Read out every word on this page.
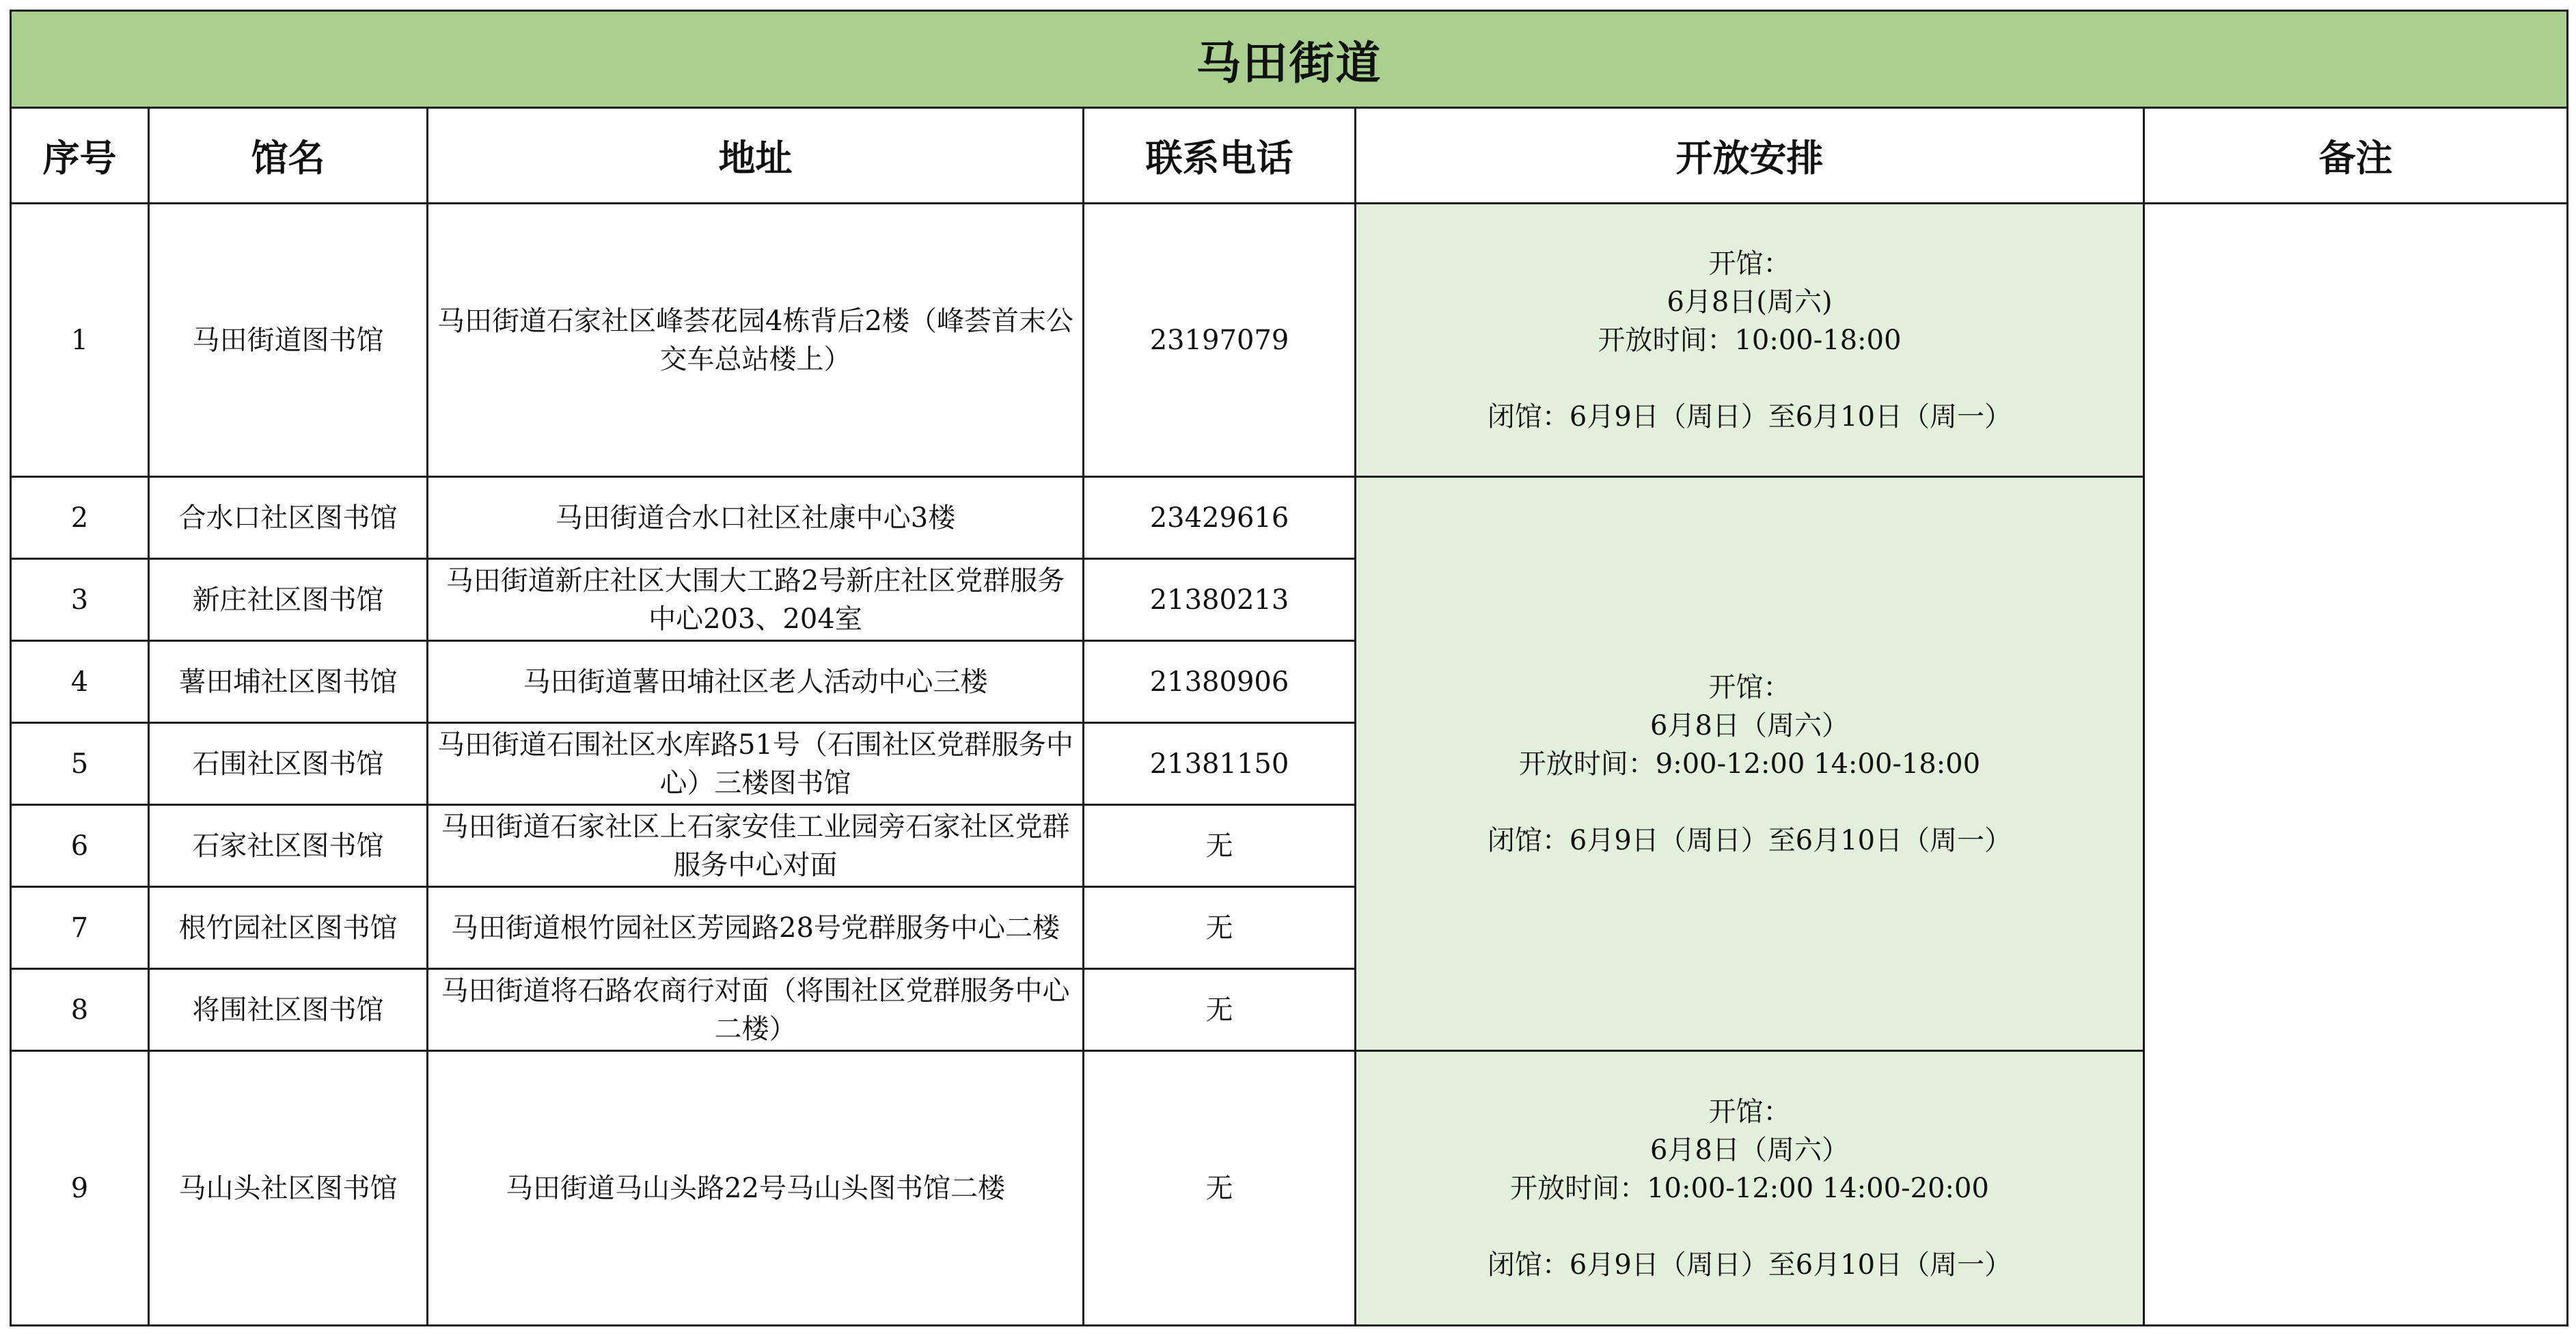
马田街道					
序号	馆名	地址	联系电话	开放安排	备注
1	马田街道图书馆	马田街道石家社区峰荟花园4栋背后2楼（峰荟首末公交车总站楼上）	23197079	开馆：
6月8日(周六)
开放时间：10:00-18:00
闭馆：6月9日（周日）至6月10日（周一）	

2	合水口社区图书馆	马田街道合水口社区社康中心3楼	23429616	开馆：
6月8日（周六）
开放时间：9:00-12:00 14:00-18:00
闭馆：6月9日（周日）至6月10日（周一）	

3	新庄社区图书馆	马田街道新庄社区大围大工路2号新庄社区党群服务中心203、204室	21380213		
4	薯田埔社区图书馆	马田街道薯田埔社区老人活动中心三楼	21380906		
5	石围社区图书馆	马田街道石围社区水库路51号（石围社区党群服务中心）三楼图书馆	21381150		
6	石家社区图书馆	马田街道石家社区上石家安佳工业园旁石家社区党群服务中心对面	无		
7	根竹园社区图书馆	马田街道根竹园社区芳园路28号党群服务中心二楼	无		
8	将围社区图书馆	马田街道将石路农商行对面（将围社区党群服务中心二楼）	无		
9	马山头社区图书馆	马田街道马山头路22号马山头图书馆二楼	无	开馆：
6月8日（周六）
开放时间：10:00-12:00 14:00-20:00
闭馆：6月9日（周日）至6月10日（周一）	
